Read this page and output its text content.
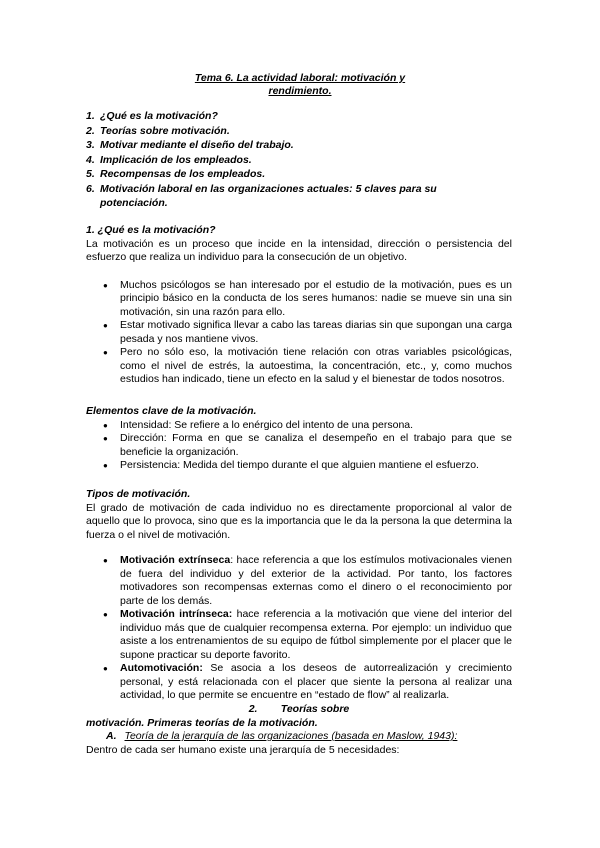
Tema 6. La actividad laboral: motivación y
rendimiento.
1. ¿Qué es la motivación?
2. Teorías sobre motivación.
3. Motivar mediante el diseño del trabajo.
4. Implicación de los empleados.
5. Recompensas de los empleados.
6. Motivación laboral en las organizaciones actuales: 5 claves para su
potenciación.
1. ¿Qué es la motivación?
La motivación es un proceso que incide en la intensidad, dirección o persistencia del esfuerzo que realiza un individuo para la consecución de un objetivo.
● Muchos psicólogos se han interesado por el estudio de la motivación, pues es un principio básico en la conducta de los seres humanos: nadie se mueve sin una sin motivación, sin una razón para ello.
● Estar motivado significa llevar a cabo las tareas diarias sin que supongan una carga pesada y nos mantiene vivos.
● Pero no sólo eso, la motivación tiene relación con otras variables psicológicas, como el nivel de estrés, la autoestima, la concentración, etc., y, como muchos estudios han indicado, tiene un efecto en la salud y el bienestar de todos nosotros.
Elementos clave de la motivación.
● Intensidad: Se refiere a lo enérgico del intento de una persona.
● Dirección: Forma en que se canaliza el desempeño en el trabajo para que se beneficie la organización.
● Persistencia: Medida del tiempo durante el que alguien mantiene el esfuerzo.
Tipos de motivación.
El grado de motivación de cada individuo no es directamente proporcional al valor de aquello que lo provoca, sino que es la importancia que le da la persona la que determina la fuerza o el nivel de motivación.
● Motivación extrínseca: hace referencia a que los estímulos motivacionales vienen de fuera del individuo y del exterior de la actividad. Por tanto, los factores motivadores son recompensas externas como el dinero o el reconocimiento por parte de los demás.
● Motivación intrínseca: hace referencia a la motivación que viene del interior del individuo más que de cualquier recompensa externa. Por ejemplo: un individuo que asiste a los entrenamientos de su equipo de fútbol simplemente por el placer que le supone practicar su deporte favorito.
● Automotivación: Se asocia a los deseos de autorrealización y crecimiento personal, y está relacionada con el placer que siente la persona al realizar una actividad, lo que permite se encuentre en “estado de flow” al realizarla.
2.        Teorías sobre
motivación. Primeras teorías de la motivación.
A. Teoría de la jerarquía de las organizaciones (basada en Maslow, 1943):
Dentro de cada ser humano existe una jerarquía de 5 necesidades:
